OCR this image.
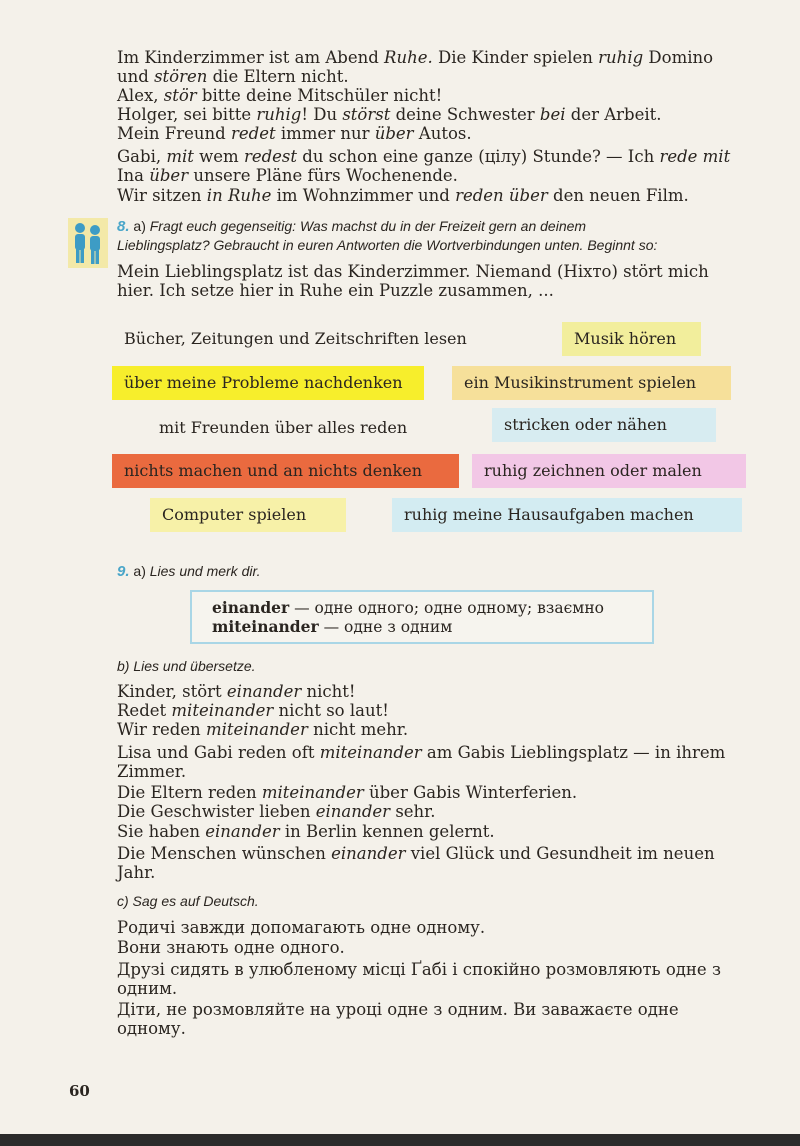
Im Kinderzimmer ist am Abend Ruhe. Die Kinder spielen ruhig Domino
und stören die Eltern nicht.
Alex, stör bitte deine Mitschüler nicht!
Holger, sei bitte ruhig! Du störst deine Schwester bei der Arbeit.
Mein Freund redet immer nur über Autos.
Gabi, mit wem redest du schon eine ganze (цілу) Stunde? — Ich rede mit
Ina über unsere Pläne fürs Wochenende.
Wir sitzen in Ruhe im Wohnzimmer und reden über den neuen Film.
8. a) Fragt euch gegenseitig: Was machst du in der Freizeit gern an deinem
Lieblingsplatz? Gebraucht in euren Antworten die Wortverbindungen unten. Beginnt so:
Mein Lieblingsplatz ist das Kinderzimmer. Niemand (Ніхто) stört mich
hier. Ich setze hier in Ruhe ein Puzzle zusammen, ...
Bücher, Zeitungen und Zeitschriften lesen	Musik hören
über meine Probleme nachdenken	ein Musikinstrument spielen
mit Freunden über alles reden	stricken oder nähen
nichts machen und an nichts denken	ruhig zeichnen oder malen
Computer spielen	ruhig meine Hausaufgaben machen
9. a) Lies und merk dir.
einander — одне одного; одне одному; взаємно
miteinander — одне з одним
b) Lies und übersetze.
Kinder, stört einander nicht!
Redet miteinander nicht so laut!
Wir reden miteinander nicht mehr.
Lisa und Gabi reden oft miteinander am Gabis Lieblingsplatz — in ihrem
Zimmer.
Die Eltern reden miteinander über Gabis Winterferien.
Die Geschwister lieben einander sehr.
Sie haben einander in Berlin kennen gelernt.
Die Menschen wünschen einander viel Glück und Gesundheit im neuen
Jahr.
c) Sag es auf Deutsch.
Родичі завжди допомагають одне одному.
Вони знають одне одного.
Друзі сидять в улюбленому місці Ґабі і спокійно розмовляють одне з
одним.
Діти, не розмовляйте на уроці одне з одним. Ви заважаєте одне
одному.
60
